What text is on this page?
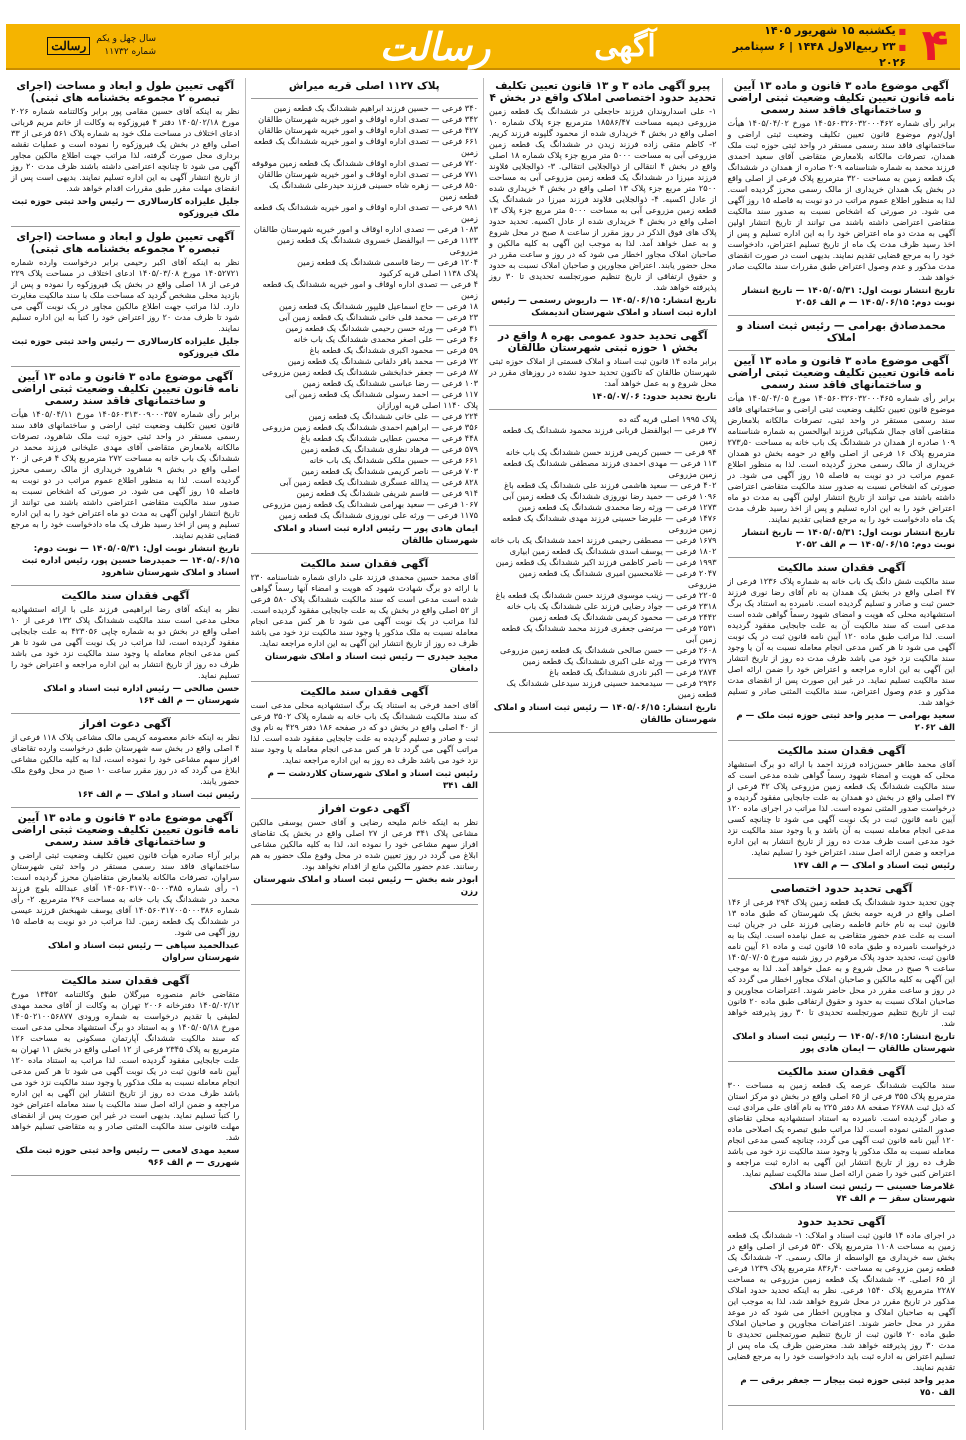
۴
■ یکشنبه ۱۵ شهریور ۱۴۰۵
■ ۲۳ ربیع‌الاول ۱۴۴۸ | ۶ سپتامبر ۲۰۲۶
آگهی
رسالت
سال چهل و یکم
شماره ۱۱۷۳۲
رسالت
آگهی موضوع ماده ۳ قانون و ماده ۱۳ آیین نامه قانون تعیین تکلیف وضعیت ثبتی اراضی و ساختمانهای فاقد سند رسمی
برابر رأی شماره ۱۴۰۵۶۰۳۲۶۰۳۲۰۰۰۴۶۲ مورخ ۱۴۰۵/۰۴/۰۲ هیأت اول/دوم موضوع قانون تعیین تکلیف وضعیت ثبتی اراضی و ساختمانهای فاقد سند رسمی مستقر در واحد ثبتی حوزه ثبت ملک همدان، تصرفات مالکانه بلامعارض متقاضی آقای سعید احمدی فرزند محمد به شماره شناسنامه ۲۰۹ صادره از همدان در ششدانگ یک قطعه زمین به مساحت ۳۲۰ مترمربع پلاک فرعی از اصلی واقع در بخش یک همدان خریداری از مالک رسمی محرز گردیده است. لذا به منظور اطلاع عموم مراتب در دو نوبت به فاصله ۱۵ روز آگهی می شود. در صورتی که اشخاص نسبت به صدور سند مالکیت متقاضی اعتراضی داشته باشند می توانند از تاریخ انتشار اولین آگهی به مدت دو ماه اعتراض خود را به این اداره تسلیم و پس از اخذ رسید ظرف مدت یک ماه از تاریخ تسلیم اعتراض، دادخواست خود را به مرجع قضایی تقدیم نمایند. بدیهی است در صورت انقضای مدت مذکور و عدم وصول اعتراض طبق مقررات سند مالکیت صادر خواهد شد.
تاریخ انتشار نوبت اول: ۱۴۰۵/۰۵/۳۱ — تاریخ انتشار نوبت دوم: ۱۴۰۵/۰۶/۱۵ — م الف ۲۰۵۶
محمدصادق بهرامی — رئیس ثبت اسناد و املاک
آگهی موضوع ماده ۳ قانون و ماده ۱۳ آیین نامه قانون تعیین تکلیف وضعیت ثبتی اراضی و ساختمانهای فاقد سند رسمی
برابر رأی شماره ۱۴۰۵۶۰۳۲۶۰۳۲۰۰۰۴۶۵ مورخ ۱۴۰۵/۰۴/۰۵ هیأت موضوع قانون تعیین تکلیف وضعیت ثبتی اراضی و ساختمانهای فاقد سند رسمی مستقر در واحد ثبتی، تصرفات مالکانه بلامعارض متقاضی آقای جمال شکیبائی فرزند ابوالحسن به شماره شناسنامه ۱۰۹ صادره از همدان در ششدانگ یک باب خانه به مساحت ۲۷۳٫۵۰ مترمربع پلاک ۱۶ فرعی از اصلی واقع در حومه بخش دو همدان خریداری از مالک رسمی محرز گردیده است. لذا به منظور اطلاع عموم مراتب در دو نوبت به فاصله ۱۵ روز آگهی می شود. در صورتی که اشخاص نسبت به صدور سند مالکیت متقاضی اعتراضی داشته باشند می توانند از تاریخ انتشار اولین آگهی به مدت دو ماه اعتراض خود را به این اداره تسلیم و پس از اخذ رسید ظرف مدت یک ماه دادخواست خود را به مرجع قضایی تقدیم نمایند.
تاریخ انتشار نوبت اول: ۱۴۰۵/۰۵/۳۱ — تاریخ انتشار نوبت دوم: ۱۴۰۵/۰۶/۱۵ — م الف ۲۰۵۲
آگهی فقدان سند مالکیت
سند مالکیت شش دانگ یک باب خانه به شماره پلاک ۱۲۳۶ فرعی از ۴۷ اصلی واقع در بخش یک همدان به نام آقای رضا نوری فرزند حسن ثبت و صادر و تسلیم گردیده است. نامبرده به استناد یک برگ استشهادیه محلی که هویت و امضای شهود رسماً گواهی شده است مدعی است که سند مالکیت آن به علت جابجایی مفقود گردیده است. لذا مراتب طبق ماده ۱۲۰ آیین نامه قانون ثبت در یک نوبت آگهی می شود تا هر کس مدعی انجام معامله نسبت به آن یا وجود سند مالکیت نزد خود می باشد ظرف مدت ده روز از تاریخ انتشار این آگهی به این اداره مراجعه و اعتراض خود را ضمن ارائه اصل سند مالکیت تسلیم نماید. در غیر این صورت پس از انقضای مدت مذکور و عدم وصول اعتراض، سند مالکیت المثنی صادر و تسلیم خواهد شد.
سعید بهرامی — مدیر واحد ثبتی حوزه ثبت ملک — م الف ۲۰۶۲
آگهی فقدان سند مالکیت
آقای محمد طاهر حسن‌زاده فرزند احمد با ارائه دو برگ استشهاد محلی که هویت و امضاء شهود رسماً گواهی شده مدعی است که سند مالکیت ششدانگ یک قطعه زمین مزروعی پلاک ۴۲ فرعی از ۳۷ اصلی واقع در بخش دو همدان به علت جابجایی مفقود گردیده و درخواست صدور المثنی نموده است. لذا مراتب در اجرای ماده ۱۲۰ آیین نامه قانون ثبت در یک نوبت آگهی می شود تا چنانچه کسی مدعی انجام معامله نسبت به آن باشد و یا وجود سند مالکیت نزد خود مدعی است ظرف مدت ده روز از تاریخ انتشار به این اداره مراجعه و ضمن ارائه اصل سند، اعتراض خود را تسلیم نماید.
رئیس ثبت اسناد و املاک — م الف ۱۴۷
آگهی تحدید حدود اختصاصی
چون تحدید حدود ششدانگ یک قطعه زمین پلاک ۲۹۴ فرعی از ۱۴۶ اصلی واقع در قریه حومه بخش یک شهرستان که طبق ماده ۱۳ قانون ثبت به نام خانم فاطمه رضایی فرزند علی در جریان ثبت است به علت عدم حضور متقاضی به عمل نیامده است. اینک بنا به درخواست نامبرده و طبق ماده ۱۵ قانون ثبت و ماده ۶۱ آیین نامه قانون ثبت، تحدید حدود پلاک مرقوم در روز شنبه مورخ ۱۴۰۵/۰۷/۰۵ ساعت ۹ صبح در محل شروع و به عمل خواهد آمد. لذا به موجب این آگهی به کلیه مالکین و صاحبان املاک مجاور اخطار می گردد که در روز و ساعت مقرر در محل حاضر شوند. اعتراضات مجاورین و صاحبان املاک نسبت به حدود و حقوق ارتفاقی طبق ماده ۲۰ قانون ثبت از تاریخ تنظیم صورتجلسه تحدیدی تا ۳۰ روز پذیرفته خواهد شد.
تاریخ انتشار: ۱۴۰۵/۰۶/۱۵ — رئیس ثبت اسناد و املاک شهرستان طالقان — ایمان هادی پور
آگهی فقدان سند مالکیت
سند مالکیت ششدانگ عرصه یک قطعه زمین به مساحت ۳۰۰ مترمربع پلاک ۳۵۵ فرعی از ۶۵ اصلی واقع در بخش دو مرکز استان که ذیل ثبت ۲۶۷۸۸ صفحه ۸۸ دفتر ۲۲۵ به نام آقای علی مرادی ثبت و صادر گردیده است. نامبرده به استناد استشهادیه محلی تقاضای صدور المثنی نموده است. لذا مراتب طبق تبصره یک اصلاحی ماده ۱۲۰ آیین نامه قانون ثبت آگهی می گردد، چنانچه کسی مدعی انجام معامله نسبت به ملک مذکور یا وجود سند مالکیت نزد خود می باشد ظرف ده روز از تاریخ انتشار این آگهی به اداره ثبت مراجعه و اعتراض کتبی خود را ضمن ارائه اصل سند مالکیت تسلیم نماید.
غلامرضا حسینی — رئیس ثبت اسناد و املاک شهرستان سقز — م الف ۷۴
آگهی تحدید حدود
در اجرای ماده ۱۴ قانون ثبت اسناد و املاک: ۱- ششدانگ یک قطعه زمین به مساحت ۱۱۰۸ مترمربع پلاک ۵۳۰ فرعی از اصلی واقع در بخش سه خریداری مع الواسطه از مالک رسمی. ۲- ششدانگ یک قطعه زمین مزروعی به مساحت ۸۳۶٫۴۰ مترمربع پلاک ۱۲۳۹ فرعی از ۶۵ اصلی. ۳- ششدانگ یک قطعه زمین مزروعی به مساحت ۲۲۸۷ مترمربع پلاک ۱۵۴۰ فرعی. نظر به اینکه تحدید حدود املاک مذکور در تاریخ مقرر در محل شروع خواهد شد، لذا به موجب این آگهی به صاحبان املاک و مجاورین اخطار می شود که در موعد مقرر در محل حاضر شوند. اعتراضات مجاورین و صاحبان املاک طبق ماده ۲۰ قانون ثبت از تاریخ تنظیم صورتمجلس تحدیدی تا مدت ۳۰ روز پذیرفته خواهد شد. معترضین ظرف یک ماه پس از تسلیم اعتراض به اداره ثبت باید دادخواست خود را به مرجع قضایی تقدیم نمایند.
مدیر واحد ثبتی حوزه ثبت بیجار — جعفر برقی — م الف ۷۵۰
پیرو آگهی ماده ۳ و ۱۳ قانون تعیین تکلیف تحدید حدود اختصاصی املاک واقع در بخش ۴
۱- علی اسداروندان فرزند حاجعلی در ششدانگ یک قطعه زمین مزروعی دیمیه مساحت ۱۸۵۸۶/۴۷ مترمربع جزء پلاک شماره ۱۰ اصلی واقع در بخش ۴ خریداری شده از محمود گلپونه فرزند کریم. ۲- کاظم متقی زاده فرزند زیدن در ششدانگ یک قطعه زمین مزروعی آبی به مساحت ۵۰۰۰ متر مربع جزء پلاک شماره ۱۸ اصلی واقع در بخش ۴ انتقالی از ذوالجلایی انتقالی. ۳- ذوالجلایی فلاوند فرزند میرزا در ششدانگ یک قطعه زمین مزروعی آبی به مساحت ۲۵۰۰ متر مربع جزء پلاک ۱۳ اصلی واقع در بخش ۴ خریداری شده از عادل اکسیه. ۴- ذوالجلایی فلاوند فرزند میرزا در ششدانگ یک قطعه زمین مزروعی آبی به مساحت ۵۰۰۰ متر مربع جزء پلاک ۱۳ اصلی واقع در بخش ۴ خریداری شده از عادل اکسیه. تحدید حدود پلاک های فوق الذکر در روز مقرر از ساعت ۸ صبح در محل شروع و به عمل خواهد آمد. لذا به موجب این آگهی به کلیه مالکین و صاحبان املاک مجاور اخطار می شود که در روز و ساعت مقرر در محل حضور یابند. اعتراض مجاورین و صاحبان املاک نسبت به حدود و حقوق ارتفاقی از تاریخ تنظیم صورتجلسه تحدیدی تا ۳۰ روز پذیرفته خواهد شد.
تاریخ انتشار: ۱۴۰۵/۰۶/۱۵ — داریوش رستمی — رئیس اداره ثبت اسناد و املاک شهرستان اندیمشک
آگهی تحدید حدود عمومی بهره ۸ واقع در بخش ۱ حوزه ثبتی شهرستان طالقان
برابر ماده ۱۴ قانون ثبت اسناد و املاک قسمتی از املاک حوزه ثبتی شهرستان طالقان که تاکنون تحدید حدود نشده در روزهای مقرر در محل شروع و به عمل خواهد آمد:
تاریخ تحدید حدود: ۱۴۰۵/۰۷/۰۶
پلاک ۱۹۹۵ اصلی قریه گته ده
۳۷ فرعی — ابوالفضل قربانی فرزند محمود ششدانگ یک قطعه زمین
۹۴ فرعی — حسین کریمی فرزند حسن ششدانگ یک باب خانه
۱۱۳ فرعی — مهدی احمدی فرزند مصطفی ششدانگ یک قطعه زمین مزروعی
۴۰۲ فرعی — سعید هاشمی فرزند علی ششدانگ یک قطعه باغ
۱۰۹۶ فرعی — حمید رضا نوروزی ششدانگ یک قطعه زمین آبی
۱۲۷۳ فرعی — ورثه رضا محمدی ششدانگ یک قطعه زمین
۱۴۷۶ فرعی — علیرضا حسینی فرزند مهدی ششدانگ یک قطعه زمین مزروعی
۱۶۷۹ فرعی — مصطفی رحیمی فرزند احمد ششدانگ یک باب خانه
۱۸۰۲ فرعی — یوسف اسدی ششدانگ یک قطعه زمین ابیاری
۱۹۹۳ فرعی — ناصر کاظمی فرزند اکبر ششدانگ یک قطعه زمین
۲۰۴۷ فرعی — غلامحسین امیری ششدانگ یک قطعه زمین مزروعی
۲۲۰۵ فرعی — زینب موسوی فرزند حسن ششدانگ یک قطعه باغ
۲۳۱۸ فرعی — جواد رضایی فرزند علی ششدانگ یک باب خانه
۲۴۴۲ فرعی — محمود کریمی ششدانگ یک قطعه زمین
۲۵۳۱ فرعی — مرتضی جعفری فرزند محمد ششدانگ یک قطعه زمین آبی
۲۶۰۸ فرعی — حسن صالحی ششدانگ یک قطعه زمین مزروعی
۲۷۲۹ فرعی — ورثه علی اکبری ششدانگ یک قطعه زمین
۲۸۷۴ فرعی — اکبر نادری ششدانگ یک قطعه باغ
۲۹۳۶ فرعی — سیدمحمد حسینی فرزند سیدعلی ششدانگ یک قطعه زمین
تاریخ انتشار: ۱۴۰۵/۰۶/۱۵ — رئیس ثبت اسناد و املاک شهرستان طالقان
پلاک ۱۱۲۷ اصلی قریه میراش
۳۴۰ فرعی — حسین فرزند ابراهیم ششدانگ یک قطعه زمین
۳۴۲ فرعی — تصدی اداره اوقاف و امور خیریه شهرستان طالقان
۴۲۷ فرعی — تصدی اداره اوقاف و امور خیریه شهرستان طالقان
۶۶۱ فرعی — تصدی اداره اوقاف و امور خیریه ششدانگ یک قطعه زمین
۷۲۰ فرعی — تصدی اداره اوقاف ششدانگ یک قطعه زمین موقوفه
۷۷۱ فرعی — تصدی اداره اوقاف و امور خیریه شهرستان طالقان
۸۵۰ فرعی — زهره شاه حسینی فرزند حیدرعلی ششدانگ یک قطعه زمین
۹۸۱ فرعی — تصدی اداره اوقاف و امور خیریه ششدانگ یک قطعه زمین
۱۰۸۳ فرعی — تصدی اداره اوقاف و امور خیریه شهرستان طالقان
۱۱۲۳ فرعی — ابوالفضل خسروی ششدانگ یک قطعه زمین مزروعی
۱۲۰۴ فرعی — رضا قاسمی ششدانگ یک قطعه زمین
پلاک ۱۱۳۸ اصلی قریه کرکبود
۴ فرعی — تصدی اداره اوقاف و امور خیریه ششدانگ یک قطعه زمین
۱۸ فرعی — حاج اسماعیل قلیپور ششدانگ یک قطعه زمین
۲۳ فرعی — محمد قلی خانی ششدانگ یک قطعه زمین آبی
۳۱ فرعی — ورثه حسن رحیمی ششدانگ یک قطعه زمین
۴۶ فرعی — علی اصغر محمدی ششدانگ یک باب خانه
۵۹ فرعی — محمود اکبری ششدانگ یک قطعه باغ
۷۲ فرعی — محمد باقر دلفانی ششدانگ یک قطعه زمین
۸۷ فرعی — جعفر خدابخشی ششدانگ یک قطعه زمین مزروعی
۱۰۳ فرعی — رضا عباسی ششدانگ یک قطعه زمین
۱۱۷ فرعی — احمد رسولی ششدانگ یک قطعه زمین آبی
پلاک ۱۱۴۰ اصلی قریه اورازان
۲۲۴ فرعی — علی خانی ششدانگ یک قطعه زمین
۳۵۶ فرعی — ابراهیم احمدی ششدانگ یک قطعه زمین مزروعی
۴۴۸ فرعی — محسن عطایی ششدانگ یک قطعه باغ
۵۷۹ فرعی — فرهاد نظری ششدانگ یک قطعه زمین
۶۶۱ فرعی — حسین ملکی ششدانگ یک باب خانه
۷۰۳ فرعی — ناصر کریمی ششدانگ یک قطعه زمین
۸۲۸ فرعی — یدالله عسگری ششدانگ یک قطعه زمین آبی
۹۱۴ فرعی — قاسم شریفی ششدانگ یک قطعه زمین
۱۰۶۷ فرعی — سعید بهرامی ششدانگ یک قطعه زمین مزروعی
۱۱۷۵ فرعی — ورثه علی نوروزی ششدانگ یک قطعه زمین
ایمان هادی پور — رئیس اداره ثبت اسناد و املاک شهرستان طالقان
آگهی فقدان سند مالکیت
آقای محمد حسین محمدی فرزند علی دارای شماره شناسنامه ۲۳۰ با ارائه دو برگ شهادت شهود که هویت و امضاء آنها رسماً گواهی شده است مدعی است که سند مالکیت ششدانگ پلاک ۵۸۰ فرعی از ۵۲ اصلی واقع در بخش یک به علت جابجایی مفقود گردیده است. لذا مراتب در یک نوبت آگهی می شود تا هر کس مدعی انجام معامله نسبت به ملک مذکور یا وجود سند مالکیت نزد خود می باشد ظرف ده روز از تاریخ انتشار این آگهی به این اداره مراجعه نماید.
مجید حیدری — رئیس ثبت اسناد و املاک شهرستان دامغان
آگهی فقدان سند مالکیت
آقای احمد فرخی به استناد یک برگ استشهادیه محلی مدعی است که سند مالکیت ششدانگ یک باب خانه به شماره پلاک ۳۵۰۲ فرعی از ۴۰ اصلی واقع در بخش دو که در صفحه ۱۸۶ دفتر ۴۲۹ به نام وی ثبت و صادر و تسلیم گردیده به علت جابجایی مفقود شده است. لذا مراتب آگهی می گردد تا هر کس مدعی انجام معامله یا وجود سند نزد خود می باشد ظرف ده روز به این اداره مراجعه نماید.
رئیس ثبت اسناد و املاک شهرستان کلاردشت — م الف ۳۴۱
آگهی دعوت افراز
نظر به اینکه خانم ملیحه رضایی و آقای حسن یوسفی مالکین مشاعی پلاک ۳۴۱ فرعی از ۲۷ اصلی واقع در بخش یک تقاضای افراز سهم مشاعی خود را نموده اند، لذا به کلیه مالکین مشاعی ابلاغ می گردد در روز تعیین شده در محل وقوع ملک حضور به هم رسانند. عدم حضور مالکین مانع از اقدام نخواهد بود.
ابوذر شه بخش — رئیس ثبت اسناد و املاک شهرستان رزن
آگهی تعیین طول و ابعاد و مساحت (اجرای تبصره ۲ مجموعه بخشنامه های ثبتی)
نظر به اینکه آقای حسین مقامی پور برابر وکالتنامه شماره ۲۰۲۶ مورخ ۱۴۰۵/۰۲/۱۸ دفتر ۴ فیروزکوه به وکالت از خانم مریم قربانی ادعای اختلاف در مساحت ملک خود به شماره پلاک ۵۶۱ فرعی از ۳۳ اصلی واقع در بخش یک فیروزکوه را نموده است و عملیات نقشه برداری محل صورت گرفته، لذا مراتب جهت اطلاع مالکین مجاور آگهی می شود تا چنانچه اعتراضی داشته باشند ظرف مدت ۲۰ روز از تاریخ انتشار آگهی به این اداره تسلیم نمایند. بدیهی است پس از انقضای مهلت مقرر طبق مقررات اقدام خواهد شد.
جلیل علیزاده کارسالاری — رئیس واحد ثبتی حوزه ثبت ملک فیروزکوه
آگهی تعیین طول و ابعاد و مساحت (اجرای تبصره ۲ مجموعه بخشنامه های ثبتی)
نظر به اینکه آقای اکبر رحیمی برابر درخواست وارده شماره ۱۴۰۵۲۷۲۱ مورخ ۱۴۰۵/۰۳/۰۸ ادعای اختلاف در مساحت پلاک ۲۲۹ فرعی از ۱۸ اصلی واقع در بخش یک فیروزکوه را نموده و پس از بازدید محلی مشخص گردید که مساحت ملک با سند مالکیت مغایرت دارد. لذا مراتب جهت اطلاع مالکین مجاور در یک نوبت آگهی می شود تا ظرف مدت ۲۰ روز اعتراض خود را کتباً به این اداره تسلیم نمایند.
جلیل علیزاده کارسالاری — رئیس واحد ثبتی حوزه ثبت ملک فیروزکوه
آگهی موضوع ماده ۳ قانون و ماده ۱۳ آیین نامه قانون تعیین تکلیف وضعیت ثبتی اراضی و ساختمانهای فاقد سند رسمی
برابر رأی شماره ۱۴۰۵۶۰۳۱۳۰۰۹۰۰۰۳۵۷ مورخ ۱۴۰۵/۰۴/۱۱ هیأت قانون تعیین تکلیف وضعیت ثبتی اراضی و ساختمانهای فاقد سند رسمی مستقر در واحد ثبتی حوزه ثبت ملک شاهرود، تصرفات مالکانه بلامعارض متقاضی آقای مهدی علیخانی فرزند محمد در ششدانگ یک باب خانه به مساحت ۲۷۲ مترمربع پلاک ۴ فرعی از ۲۰ اصلی واقع در بخش ۹ شاهرود خریداری از مالک رسمی محرز گردیده است. لذا به منظور اطلاع عموم مراتب در دو نوبت به فاصله ۱۵ روز آگهی می شود. در صورتی که اشخاص نسبت به صدور سند مالکیت متقاضی اعتراضی داشته باشند می توانند از تاریخ انتشار اولین آگهی به مدت دو ماه اعتراض خود را به این اداره تسلیم و پس از اخذ رسید ظرف یک ماه دادخواست خود را به مرجع قضایی تقدیم نمایند.
تاریخ انتشار نوبت اول: ۱۴۰۵/۰۵/۳۱ — نوبت دوم: ۱۴۰۵/۰۶/۱۵ — حمیدرضا حسین پور، رئیس اداره ثبت اسناد و املاک شهرستان شاهرود
آگهی فقدان سند مالکیت
نظر به اینکه آقای رضا ابراهیمی فرزند علی با ارائه استشهادیه محلی مدعی است سند مالکیت ششدانگ پلاک ۱۳۲ فرعی از ۱۰ اصلی واقع در بخش دو به شماره چاپی ۴۲۳۰۵۶ به علت جابجایی مفقود گردیده است، لذا مراتب در یک نوبت آگهی می شود تا هر کس مدعی انجام معامله یا وجود سند مالکیت نزد خود می باشد ظرف ده روز از تاریخ انتشار به این اداره مراجعه و اعتراض خود را تسلیم نماید.
حسن صالحی — رئیس اداره ثبت اسناد و املاک شهرستان — م الف ۱۶۴
آگهی دعوت افراز
نظر به اینکه خانم معصومه کریمی مالک مشاعی پلاک ۱۱۸ فرعی از ۴ اصلی واقع در بخش سه شهرستان طبق درخواست وارده تقاضای افراز سهم مشاعی خود را نموده است، لذا به کلیه مالکین مشاعی ابلاغ می گردد که در روز مقرر ساعت ۱۰ صبح در محل وقوع ملک حضور یابند.
رئیس ثبت اسناد و املاک — م الف ۱۶۴
آگهی موضوع ماده ۳ قانون و ماده ۱۳ آیین نامه قانون تعیین تکلیف وضعیت ثبتی اراضی و ساختمانهای فاقد سند رسمی
برابر آراء صادره هیأت قانون تعیین تکلیف وضعیت ثبتی اراضی و ساختمانهای فاقد سند رسمی مستقر در واحد ثبتی شهرستان سراوان، تصرفات مالکانه بلامعارض متقاضیان محرز گردیده است: ۱- رأی شماره ۱۴۰۵۶۰۳۱۷۰۰۵۰۰۰۳۸۵ آقای عبدالله بلوچ فرزند محمد در ششدانگ یک باب خانه به مساحت ۲۹۶ مترمربع. ۲- رأی شماره ۱۴۰۵۶۰۳۱۷۰۰۵۰۰۰۳۸۶ آقای یوسف شهبخش فرزند عیسی در ششدانگ یک قطعه زمین. لذا مراتب در دو نوبت به فاصله ۱۵ روز آگهی می شود.
عبدالحمید سپاهی — رئیس ثبت اسناد و املاک شهرستان سراوان
آگهی فقدان سند مالکیت
متقاضی خانم منصوره میرگلان طبق وکالتنامه ۱۳۴۵۲ مورخ ۱۴۰۵/۰۲/۱۲ دفترخانه ۲۰۰۶ تهران به وکالت از آقای محمد مهدی لطیفی با تقدیم درخواست به شماره ورودی ۱۴۰۵۰۲۱۰۰۵۶۸۷۷ مورخ ۱۴۰۵/۰۵/۱۸ و به استناد دو برگ استشهاد محلی مدعی است که سند مالکیت ششدانگ آپارتمان مسکونی به مساحت ۱۲۶ مترمربع به پلاک ۲۳۴۵ فرعی از ۱۲ اصلی واقع در بخش ۱۱ تهران به علت جابجایی مفقود گردیده است. لذا مراتب به استناد ماده ۱۲۰ آیین نامه قانون ثبت در یک نوبت آگهی می شود تا هر کس مدعی انجام معامله نسبت به ملک مذکور یا وجود سند مالکیت نزد خود می باشد ظرف مدت ده روز از تاریخ انتشار این آگهی به این اداره مراجعه و ضمن ارائه اصل سند مالکیت یا سند معامله اعتراض خود را کتباً تسلیم نماید. بدیهی است در غیر این صورت پس از انقضای مهلت قانونی سند مالکیت المثنی صادر و به متقاضی تسلیم خواهد شد.
سعید مهدی لامعی — رئیس واحد ثبتی حوزه ثبت ملک شهرری — م الف ۹۶۶
